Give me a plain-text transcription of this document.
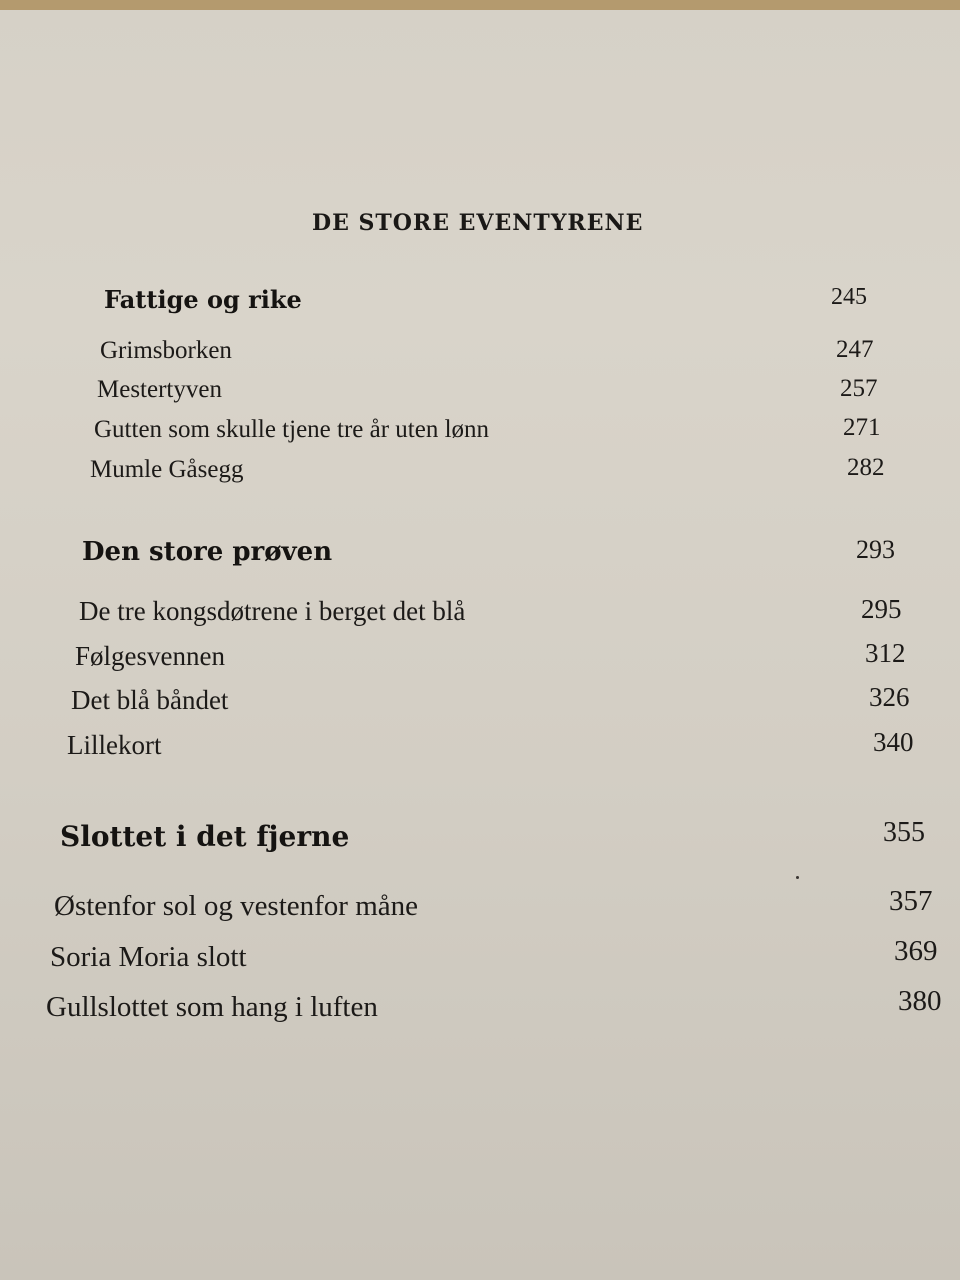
DE STORE EVENTYRENE
Fattige og rike	245
Grimsborken	247
Mestertyven	257
Gutten som skulle tjene tre år uten lønn	271
Mumle Gåsegg	282
Den store prøven	293
De tre kongsdøtrene i berget det blå	295
Følgesvennen	312
Det blå båndet	326
Lillekort	340
Slottet i det fjerne	355
Østenfor sol og vestenfor måne	357
Soria Moria slott	369
Gullslottet som hang i luften	380
